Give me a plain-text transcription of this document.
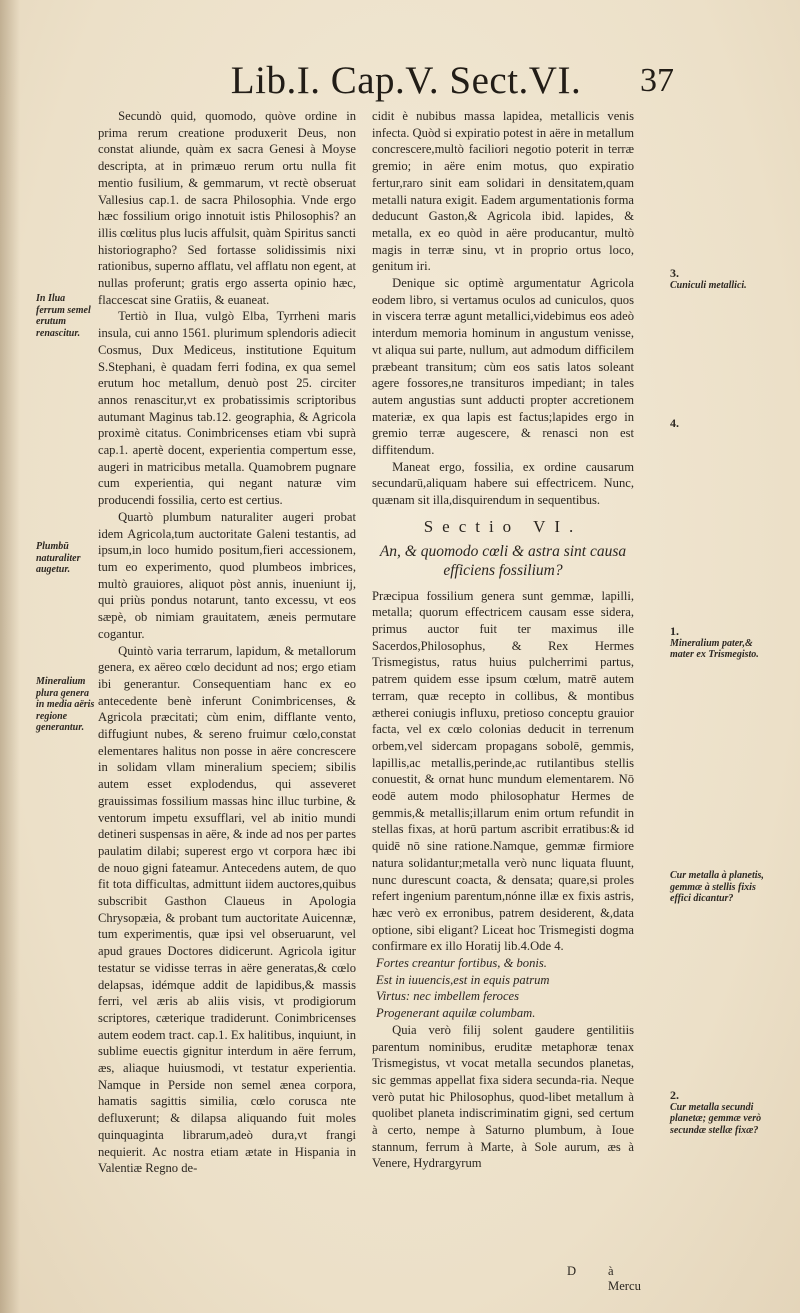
Lib.I. Cap.V. Sect.VI.	37

Secundò quid, quomodo, quòve ordine in prima rerum creatione produxerit Deus, non constat aliunde, quàm ex sacra Genesi à Moyse descripta, at in primæuo rerum ortu nulla fit mentio fusilium, & gemmarum, vt rectè obseruat Vallesius cap.1. de sacra Philosophia. Vnde ergo hæc fossilium origo innotuit istis Philosophis? an illis cœlitus plus lucis affulsit, quàm Spiritus sancti historiographo? Sed fortasse solidissimis nixi rationibus, superno afflatu, vel afflatu non egent, at nullas proferunt; gratis ergo asserta opinio hæc, flaccescat sine Gratiis, & euaneat.

Tertiò in Ilua, vulgò Elba, Tyrrheni maris insula, cui anno 1561. plurimum splendoris adiecit Cosmus, Dux Mediceus, institutione Equitum S.Stephani, è quadam ferri fodina, ex qua semel erutum hoc metallum, denuò post 25. circiter annos renascitur,vt ex probatissimis scriptoribus autumant Maginus tab.12. geographia, & Agricola proximè citatus. Conimbricenses etiam vbi suprà cap.1. apertè docent, experientia compertum esse, augeri in matricibus metalla. Quamobrem pugnare cum experientia, qui negant naturæ vim producendi fossilia, certo est certius.

Quartò plumbum naturaliter augeri probat idem Agricola,tum auctoritate Galeni testantis, ad ipsum,in loco humido positum,fieri accessionem, tum eo experimento, quod plumbeos imbrices, multò grauiores, aliquot pòst annis, inueniunt ij, qui priùs pondus notarunt, tanto excessu, vt eos sæpè, ob nimiam grauitatem, æneis permutare cogantur.

Quintò varia terrarum, lapidum, & metallorum genera, ex aëreo cœlo decidunt ad nos; ergo etiam ibi generantur. Consequentiam hanc ex eo antecedente benè inferunt Conimbricenses, & Agricola præcitati; cùm enim, difflante vento, diffugiunt nubes, & sereno fruimur cœlo,constat elementares halitus non posse in aëre concrescere in solidam vllam mineralium speciem; sibilis autem esset explodendus, qui asseveret grauissimas fossilium massas hinc illuc turbine, & ventorum impetu exsufflari, vel ab initio mundi detineri suspensas in aëre, & inde ad nos per partes paulatim dilabi; superest ergo vt corpora hæc ibi de nouo gigni fateamur. Antecedens autem, de quo fit tota difficultas, admittunt iidem auctores,quibus subscribit Gasthon Claueus in Apologia Chrysopæia, & probant tum auctoritate Auicennæ, tum experimentis, quæ ipsi vel obseruarunt, vel apud graues Doctores didicerunt. Agricola igitur testatur se vidisse terras in aëre generatas,& cœlo delapsas, idémque addit de lapidibus,& massis ferri, vel æris ab aliis visis, vt prodigiorum scriptores, cæterique tradiderunt. Conimbricenses autem eodem tract. cap.1. Ex halitibus, inquiunt, in sublime euectis gignitur interdum in aëre ferrum, æs, aliaque huiusmodi, vt testatur experientia. Namque in Perside non semel ænea corpora, hamatis sagittis similia, cœlo corusca nte defluxerunt; & dilapsa aliquando fuit moles quinquaginta librarum,adeò dura,vt frangi nequierit. Ac nostra etiam ætate in Hispania in Valentiæ Regno de-

cidit è nubibus massa lapidea, metallicis venis infecta. Quòd si expiratio potest in aëre in metallum concrescere,multò faciliori negotio poterit in terræ gremio; in aëre enim motus, quo expiratio fertur,raro sinit eam solidari in densitatem,quam metalli natura exigit. Eadem argumentationis forma deducunt Gaston,& Agricola ibid. lapides, & metalla, ex eo quòd in aëre producantur, multò magis in terræ sinu, vt in proprio ortus loco, genitum iri.

Denique sic optimè argumentatur Agricola eodem libro, si vertamus oculos ad cuniculos, quos in viscera terræ agunt metallici,videbimus eos adeò interdum memoria hominum in angustum venisse, vt aliqua sui parte, nullum, aut admodum difficilem præbeant transitum; cùm eos satis latos soleant agere fossores,ne transituros impediant; in tales autem angustias sunt adducti propter accretionem materiæ, ex qua lapis est factus;lapides ergo in gremio terræ augescere, & renasci non est diffitendum.

Maneat ergo, fossilia, ex ordine causarum secundarū,aliquam habere sui effectricem. Nunc, quænam sit illa,disquirendum in sequentibus.

Sectio VI.
An, & quomodo cœli & astra sint causa efficiens fossilium?

Præcipua fossilium genera sunt gemmæ, lapilli, metalla; quorum effectricem causam esse sidera, primus auctor fuit ter maximus ille Sacerdos,Philosophus, & Rex Hermes Trismegistus, ratus huius pulcherrimi partus, patrem quidem esse ipsum cœlum, matrē autem terram, quæ recepto in collibus, & montibus ætherei coniugis influxu, pretioso conceptu grauior facta, vel ex cœlo colonias deducit in terrenum orbem,vel sidercam propagans sobolē, gemmis, lapillis,ac metallis,perinde,ac rutilantibus stellis conuestit, & ornat hunc mundum elementarem. Nō eodē autem modo philosophatur Hermes de gemmis,& metallis;illarum enim ortum refundit in stellas fixas, at horū partum ascribit erratibus:& id quidē nō sine ratione.Namque, gemmæ firmiore natura solidantur;metalla verò nunc liquata fluunt, nunc durescunt coacta, & densata; quare,si proles refert ingenium parentum,nónne illæ ex fixis astris, hæc verò ex erronibus, patrem desiderent, &,data optione, sibi eligant? Liceat hoc Trismegisti dogma confirmare ex illo Horatij lib.4.Ode 4.

Fortes creantur fortibus, & bonis.

Est in iuuencis,est in equis patrum

Virtus: nec imbellem feroces

Progenerant aquilæ columbam.

Quia verò filij solent gaudere gentilitiis parentum nominibus, eruditæ metaphoræ tenax Trismegistus, vt vocat metalla secundos planetas, sic gemmas appellat fixa sidera secunda-ria. Neque verò putat hic Philosophus, quod-libet metallum à quolibet planeta indiscriminatim gigni, sed certum à certo, nempe à Saturno plumbum, à Ioue stannum, ferrum à Marte, à Sole aurum, æs à Venere, Hydrargyrum

In Ilua ferrum semel erutum renascitur.
Plumbū naturaliter augetur.
Mineralium plura genera in media aëris regione generantur.
3.
Cuniculi metallici.
4.
1.
Mineralium pater,& mater ex Trismegisto.
Cur metalla à planetis, gemmæ à stellis fixis effici dicantur?
2.
Cur metalla secundi planetæ; gemmæ verò secundæ stellæ fixæ?
D	à Mercu
